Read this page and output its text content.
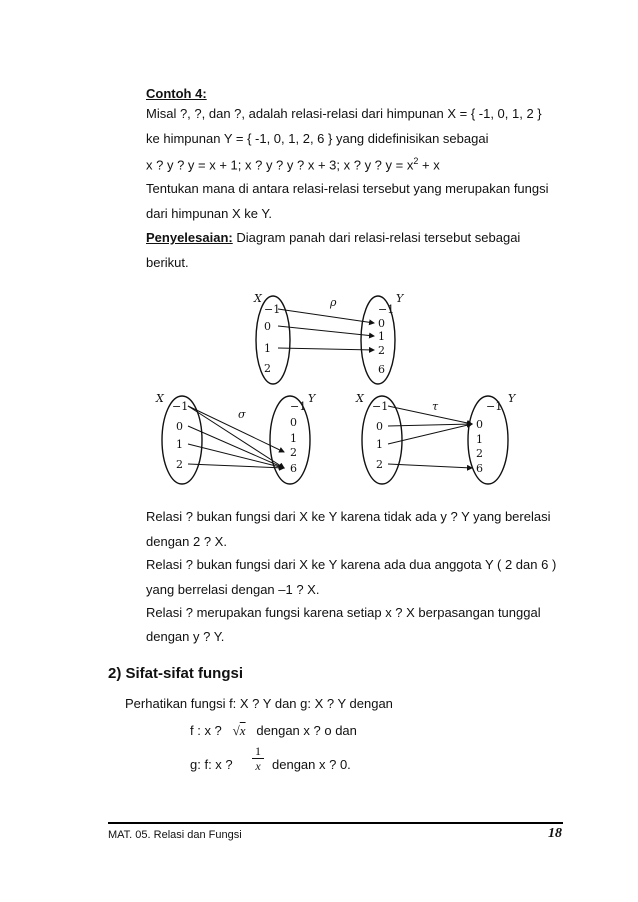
Contoh 4:
Misal ?, ?, dan ?, adalah relasi-relasi dari himpunan X = { -1, 0, 1, 2 }
ke himpunan Y = { -1, 0, 1, 2, 6 } yang didefinisikan sebagai
x ? y ? y = x + 1; x ? y ? y ? x + 3; x ? y ? $y = x^2 + x$
Tentukan mana di antara relasi-relasi tersebut yang merupakan fungsi
dari himpunan X ke Y.
Penyelesaian: Diagram panah dari relasi-relasi tersebut sebagai
berikut.
X	Y
ρ
−1
0
1
2
−1
0
1
2
6
X	Y
σ
−1
0
1
2
−1
0
1
2
6
X	Y
τ
−1
0
1
2
−1
0
1
2
6
Relasi ? bukan fungsi dari X ke Y karena tidak ada y ? Y yang berelasi
dengan 2 ? X.
Relasi ? bukan fungsi dari X ke Y karena ada dua anggota Y ( 2 dan 6 )
yang berrelasi dengan –1 ? X.
Relasi ? merupakan fungsi karena setiap x ? X berpasangan tunggal
dengan y ? Y.
2) Sifat-sifat fungsi
Perhatikan fungsi f: X ? Y dan g: X ? Y dengan
f : x ? √x dengan x ? o dan
g: f: x ? $\frac{1}{x}$ dengan x ? 0.
MAT. 05. Relasi dan Fungsi	18
